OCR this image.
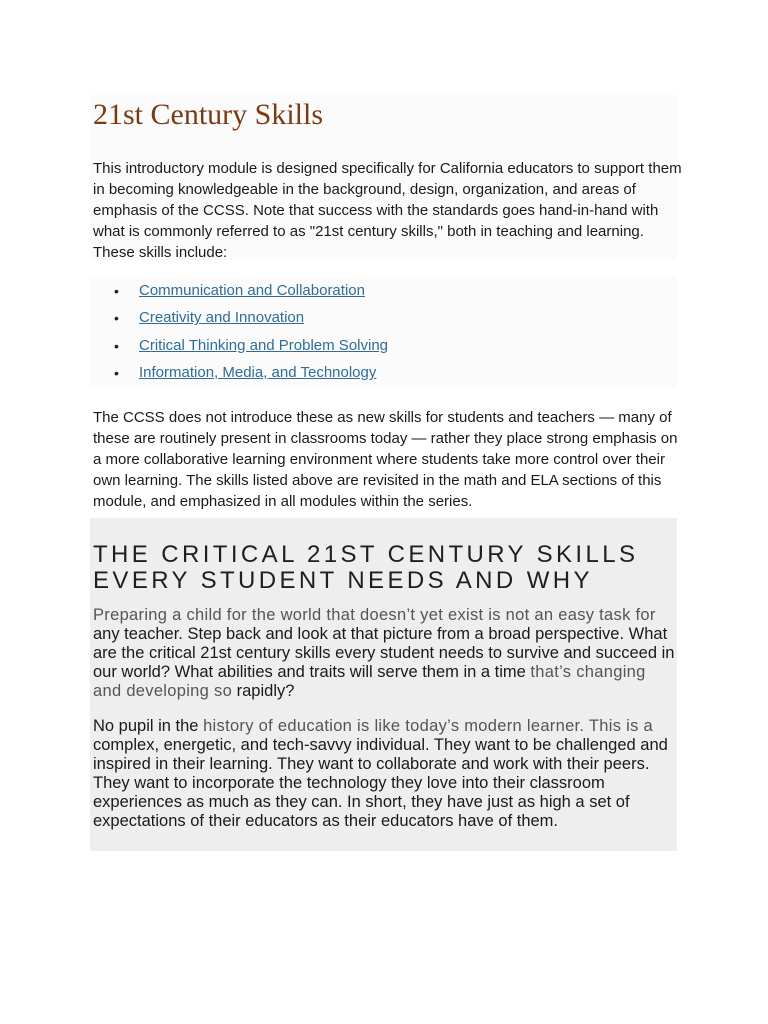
21st Century Skills

This introductory module is designed specifically for California educators to support them in becoming knowledgeable in the background, design, organization, and areas of emphasis of the CCSS. Note that success with the standards goes hand-in-hand with what is commonly referred to as "21st century skills," both in teaching and learning. These skills include:

• Communication and Collaboration
• Creativity and Innovation
• Critical Thinking and Problem Solving
• Information, Media, and Technology

The CCSS does not introduce these as new skills for students and teachers — many of these are routinely present in classrooms today — rather they place strong emphasis on a more collaborative learning environment where students take more control over their own learning. The skills listed above are revisited in the math and ELA sections of this module, and emphasized in all modules within the series.

THE CRITICAL 21ST CENTURY SKILLS EVERY STUDENT NEEDS AND WHY

Preparing a child for the world that doesn’t yet exist is not an easy task for any teacher. Step back and look at that picture from a broad perspective. What are the critical 21st century skills every student needs to survive and succeed in our world? What abilities and traits will serve them in a time that’s changing and developing so rapidly?

No pupil in the history of education is like today’s modern learner. This is a complex, energetic, and tech-savvy individual. They want to be challenged and inspired in their learning. They want to collaborate and work with their peers. They want to incorporate the technology they love into their classroom experiences as much as they can. In short, they have just as high a set of expectations of their educators as their educators have of them.
